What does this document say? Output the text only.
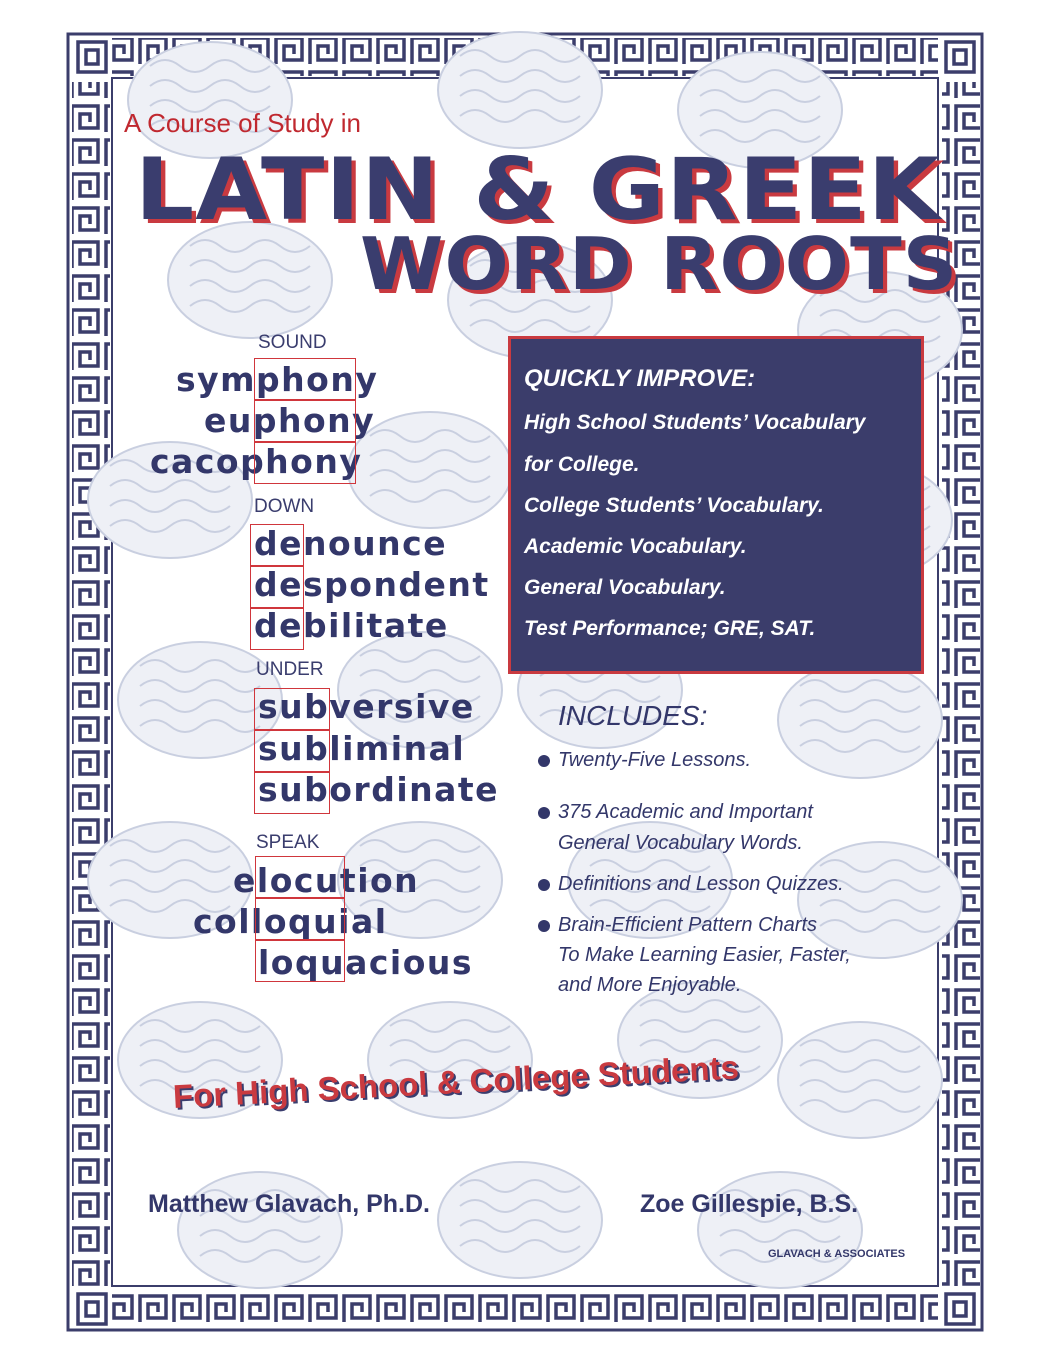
A Course of Study in
LATIN & GREEK
WORD ROOTS
SOUND
symphony
euphony
cacophony
DOWN
denounce
despondent
debilitate
UNDER
subversive
subliminal
subordinate
SPEAK
elocution
colloquial
loquacious
QUICKLY IMPROVE:
High School Students’ Vocabulary
for College.
College Students’ Vocabulary.
Academic Vocabulary.
General Vocabulary.
Test Performance; GRE, SAT.
INCLUDES:
Twenty-Five Lessons.
375 Academic and Important
General Vocabulary Words.
Definitions and Lesson Quizzes.
Brain-Efficient Pattern Charts
To Make Learning Easier, Faster,
and More Enjoyable.
For High School & College Students
Matthew Glavach, Ph.D.	Zoe Gillespie, B.S.
GLAVACH & ASSOCIATES
